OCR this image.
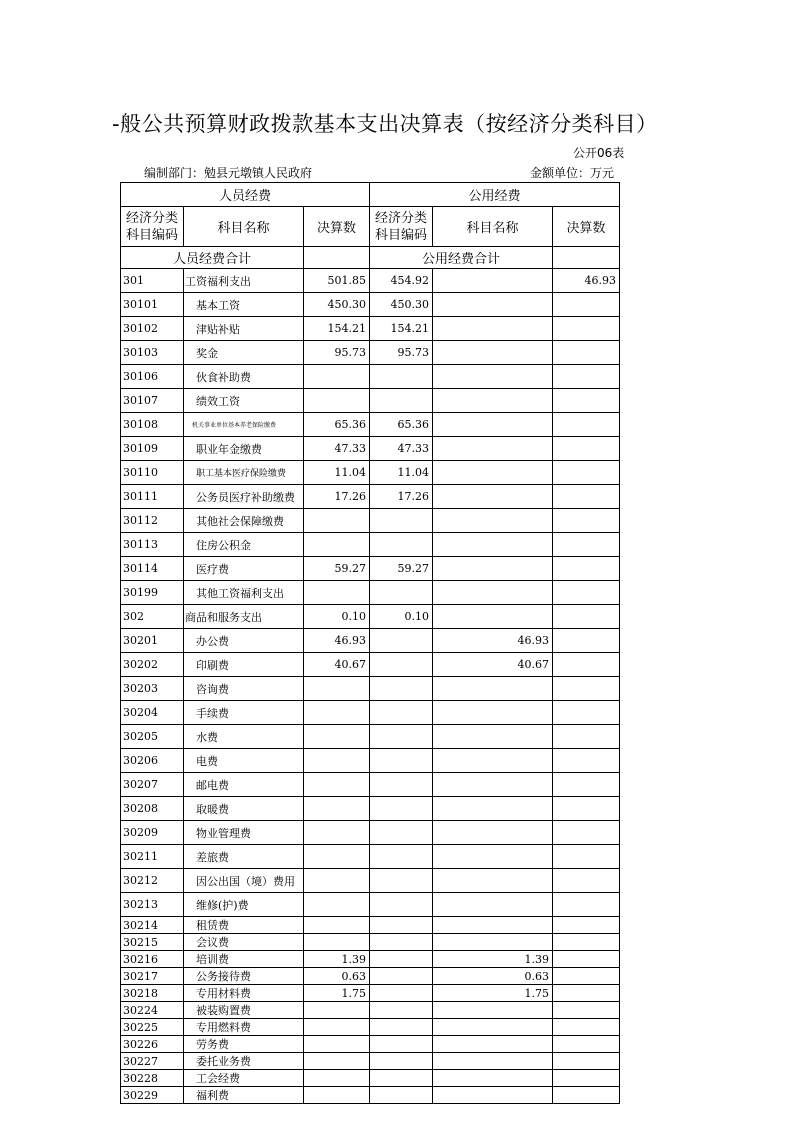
-般公共预算财政拨款基本支出决算表（按经济分类科目）
公开06表
编制部门：勉县元墩镇人民政府	金额单位：万元
人员经费			公用经费		
经济分类科目编码	科目名称	决算数	经济分类科目编码	科目名称	决算数
人员经费合计			公用经费合计		
301	工资福利支出	501.85	454.92		46.93
30101	基本工资	450.30	450.30		
30102	津贴补贴	154.21	154.21		
30103	奖金	95.73	95.73		
30106	伙食补助费				
30107	绩效工资				
30108	机关事业单位基本养老保险缴费	65.36	65.36		
30109	职业年金缴费	47.33	47.33		
30110	职工基本医疗保险缴费	11.04	11.04		
30111	公务员医疗补助缴费	17.26	17.26		
30112	其他社会保障缴费				
30113	住房公积金				
30114	医疗费	59.27	59.27		
30199	其他工资福利支出				
302	商品和服务支出	0.10	0.10		
30201	办公费	46.93		46.93	
30202	印刷费	40.67		40.67	
30203	咨询费				
30204	手续费				
30205	水费				
30206	电费				
30207	邮电费				
30208	取暖费				
30209	物业管理费				
30211	差旅费				
30212	因公出国（境）费用				
30213	维修(护)费				
30214	租赁费				
30215	会议费				
30216	培训费	1.39		1.39	
30217	公务接待费	0.63		0.63	
30218	专用材料费	1.75		1.75	
30224	被装购置费				
30225	专用燃料费				
30226	劳务费				
30227	委托业务费				
30228	工会经费				
30229	福利费				
